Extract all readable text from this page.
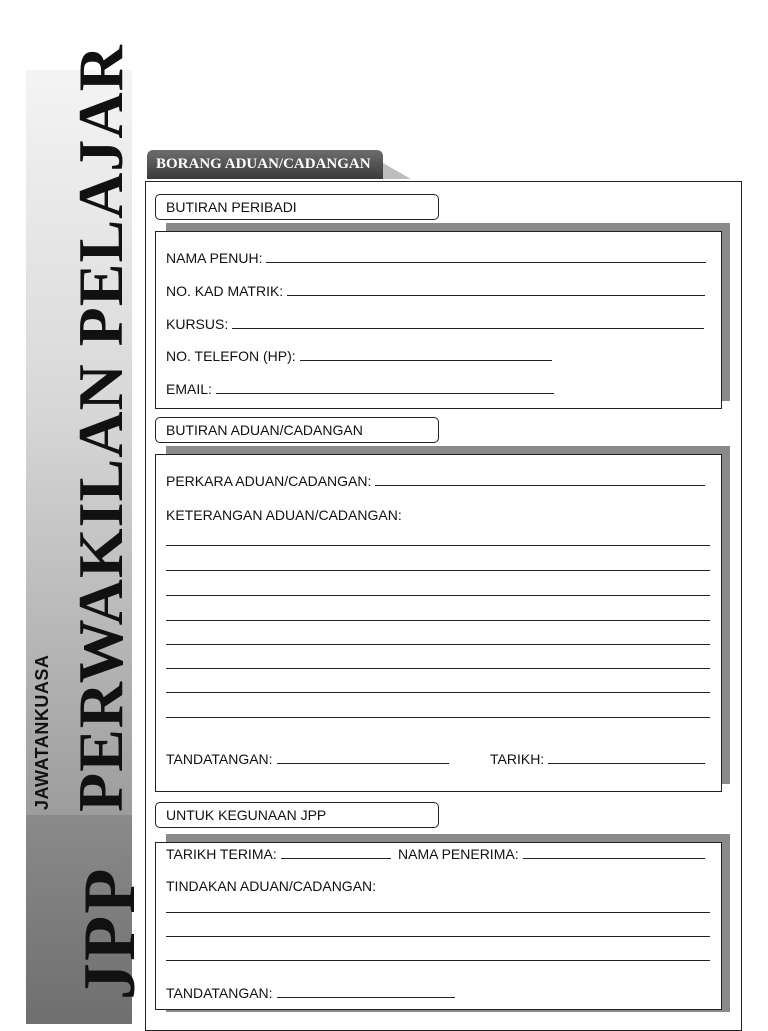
JAWATANKUASA PERWAKILAN PELAJAR
JPP
BORANG ADUAN/CADANGAN
BUTIRAN PERIBADI
NAMA PENUH:
NO. KAD MATRIK:
KURSUS:
NO. TELEFON (HP):
EMAIL:
BUTIRAN ADUAN/CADANGAN
PERKARA ADUAN/CADANGAN:
KETERANGAN ADUAN/CADANGAN:
TANDATANGAN:	TARIKH:
UNTUK KEGUNAAN JPP
TARIKH TERIMA:	NAMA PENERIMA:
TINDAKAN ADUAN/CADANGAN:
TANDATANGAN:
